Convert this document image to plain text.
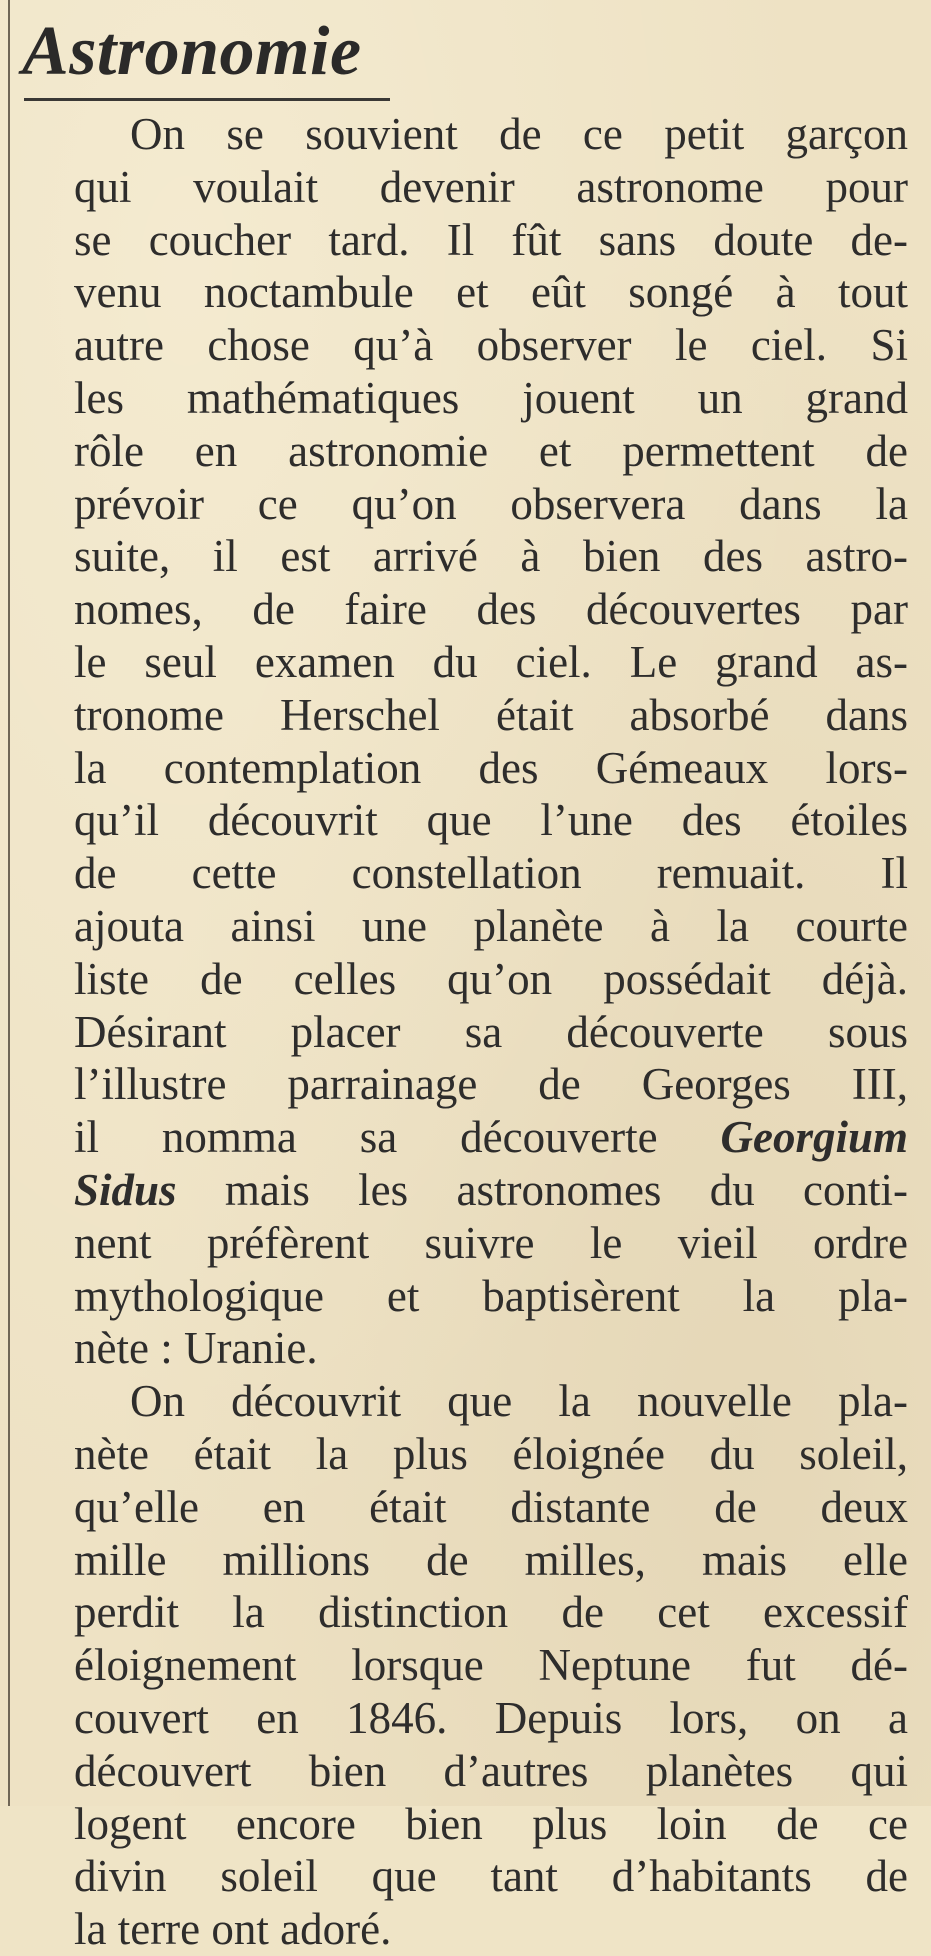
Astronomie

On se souvient de ce petit garçon
qui voulait devenir astronome pour
se coucher tard. Il fût sans doute de-
venu noctambule et eût songé à tout
autre chose qu’à observer le ciel. Si
les mathématiques jouent un grand
rôle en astronomie et permettent de
prévoir ce qu’on observera dans la
suite, il est arrivé à bien des astro-
nomes, de faire des découvertes par
le seul examen du ciel. Le grand as-
tronome Herschel était absorbé dans
la contemplation des Gémeaux lors-
qu’il découvrit que l’une des étoiles
de cette constellation remuait. Il
ajouta ainsi une planète à la courte
liste de celles qu’on possédait déjà.
Désirant placer sa découverte sous
l’illustre parrainage de Georges III,
il nomma sa découverte Georgium
Sidus mais les astronomes du conti-
nent préfèrent suivre le vieil ordre
mythologique et baptisèrent la pla-
nète : Uranie.

On découvrit que la nouvelle pla-
nète était la plus éloignée du soleil,
qu’elle en était distante de deux
mille millions de milles, mais elle
perdit la distinction de cet excessif
éloignement lorsque Neptune fut dé-
couvert en 1846. Depuis lors, on a
découvert bien d’autres planètes qui
logent encore bien plus loin de ce
divin soleil que tant d’habitants de
la terre ont adoré.
